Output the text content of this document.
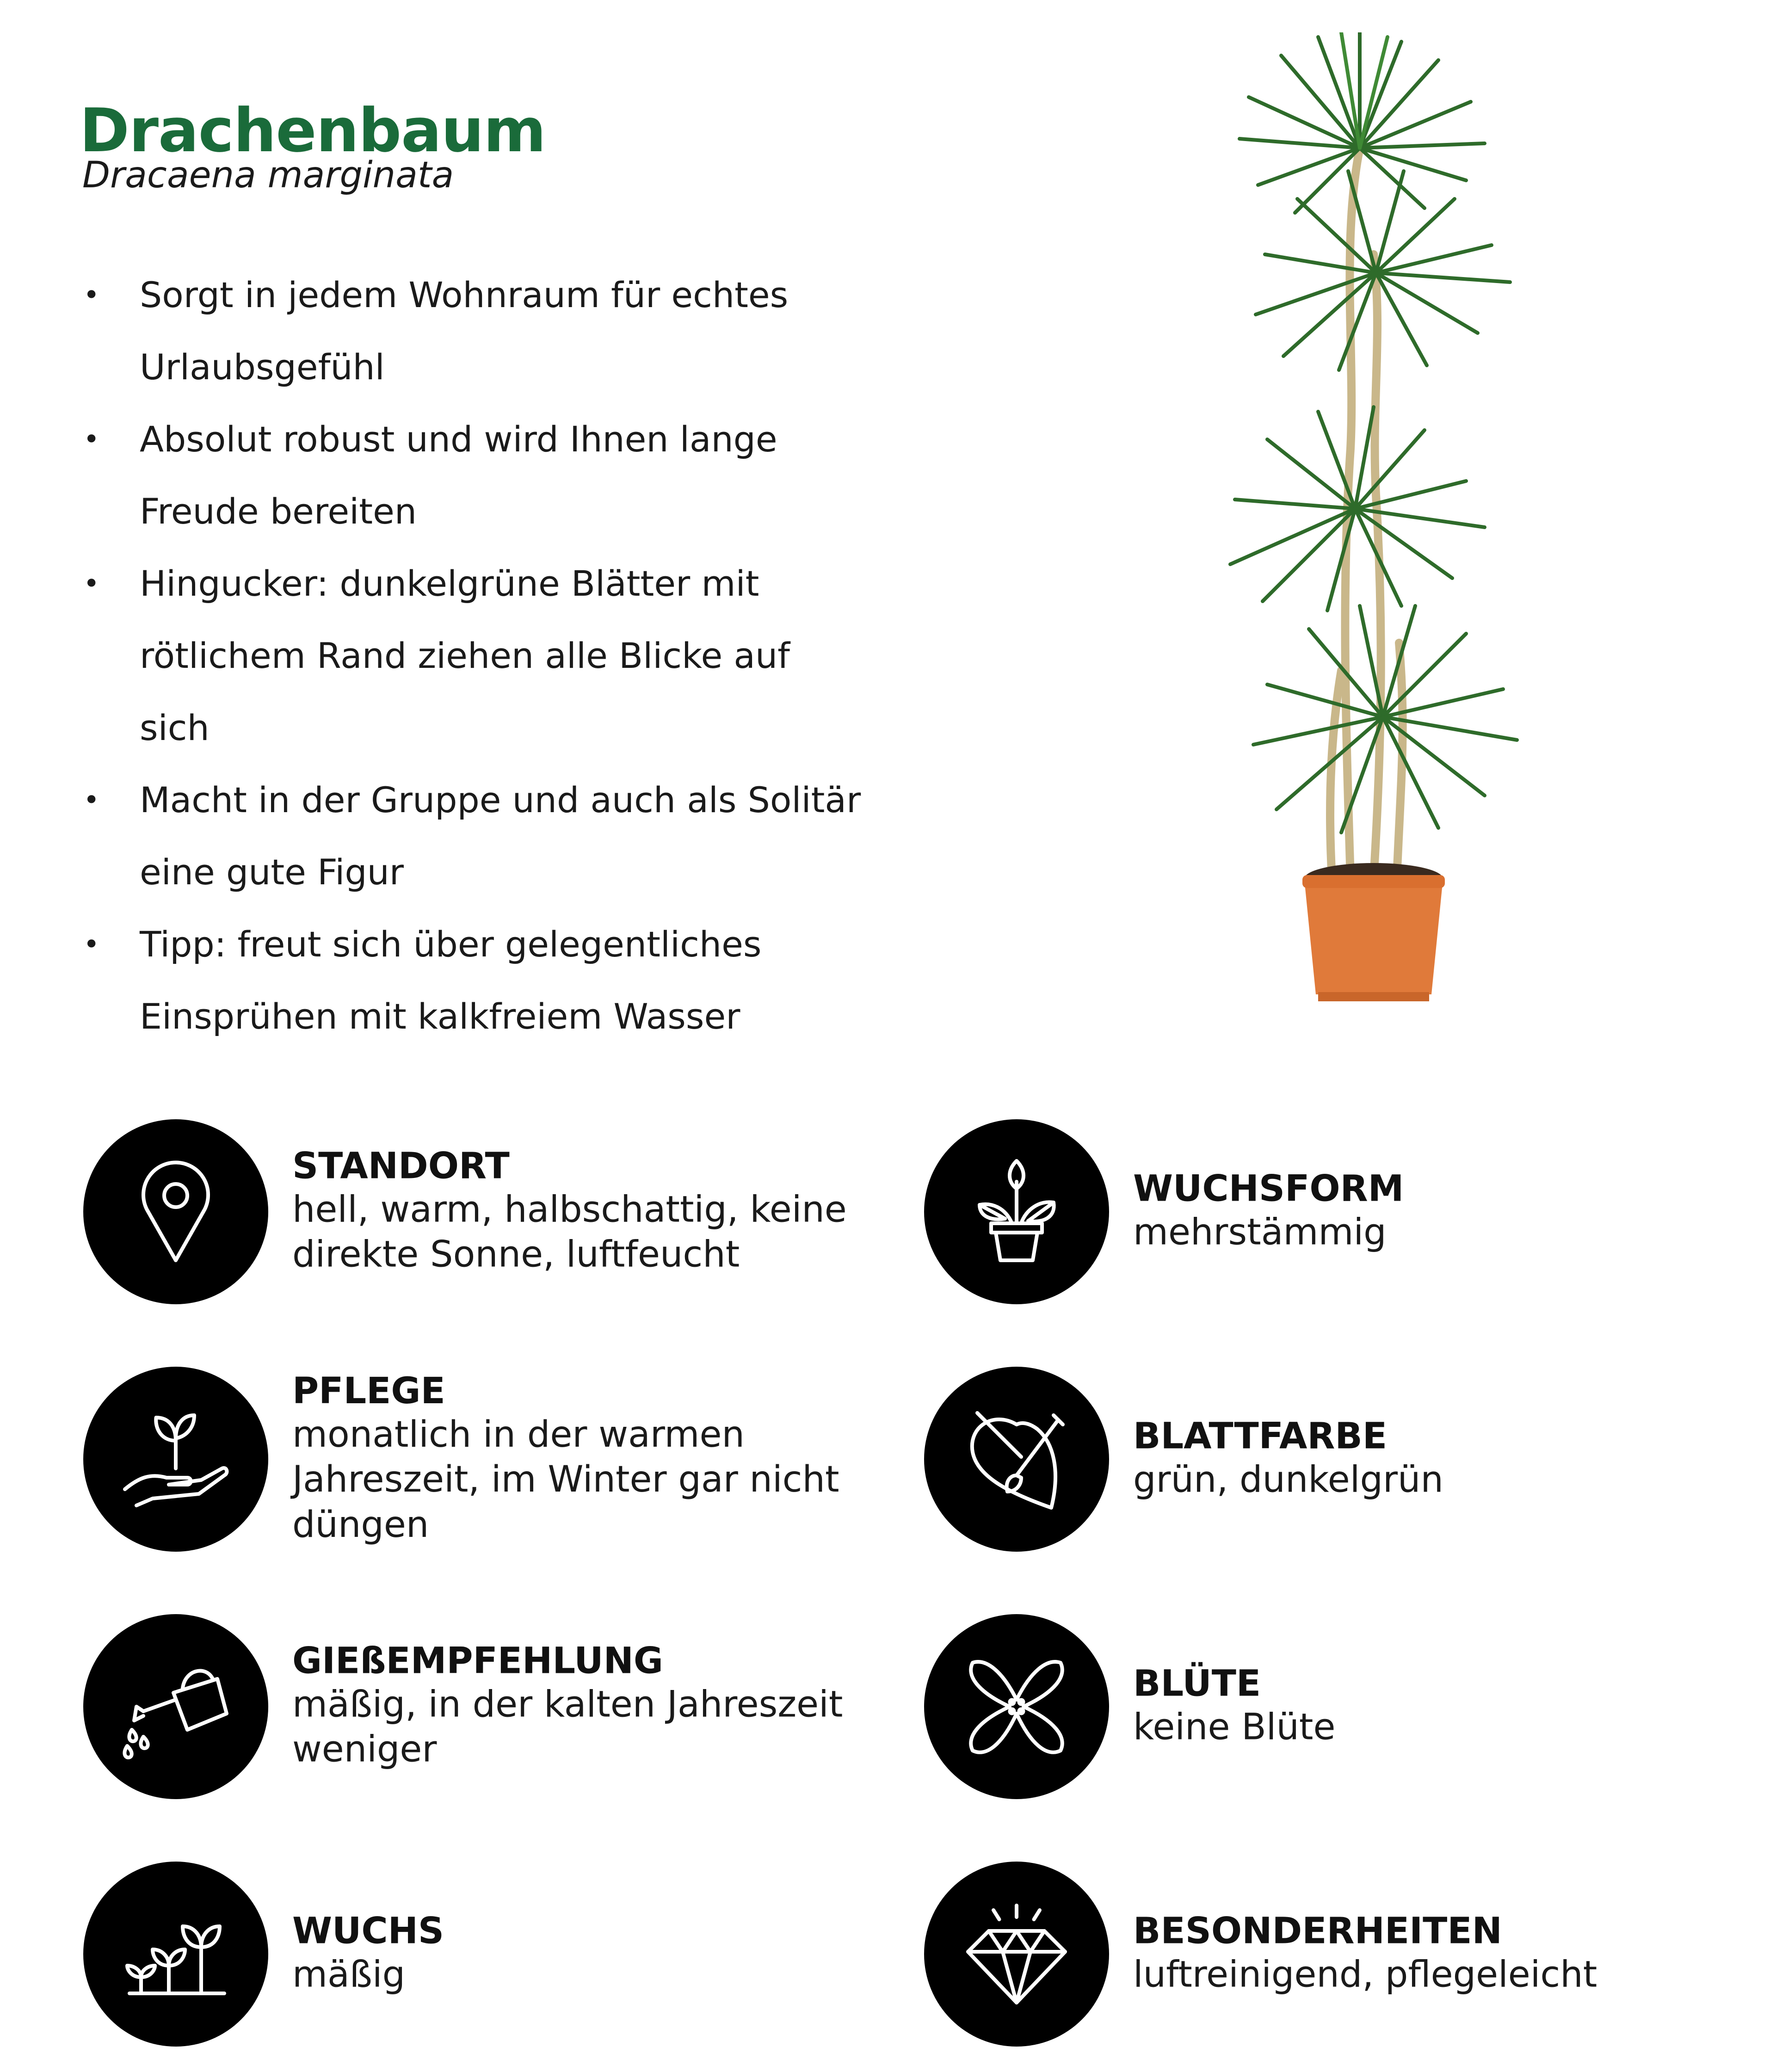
Drachenbaum
Dracaena marginata
• Sorgt in jedem Wohnraum für echtes Urlaubsgefühl
• Absolut robust und wird Ihnen lange Freude bereiten
• Hingucker: dunkelgrüne Blätter mit rötlichem Rand ziehen alle Blicke auf sich
• Macht in der Gruppe und auch als Solitär eine gute Figur
• Tipp: freut sich über gelegentliches Einsprühen mit kalkfreiem Wasser
STANDORT
hell, warm, halbschattig, keine direkte Sonne, luftfeucht
PFLEGE
monatlich in der warmen Jahreszeit, im Winter gar nicht düngen
GIEßEMPFEHLUNG
mäßig, in der kalten Jahreszeit weniger
WUCHS
mäßig
WUCHSFORM
mehrstämmig
BLATTFARBE
grün, dunkelgrün
BLÜTE
keine Blüte
BESONDERHEITEN
luftreinigend, pflegeleicht
